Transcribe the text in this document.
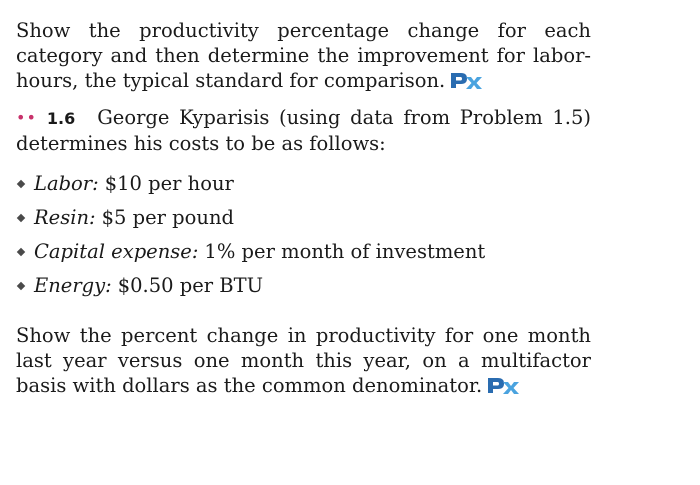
Show the productivity percentage change for each category and then determine the improvement for labor-hours, the typical standard for comparison.

•• 1.6 George Kyparisis (using data from Problem 1.5) determines his costs to be as follows:

Labor: $10 per hour
Resin: $5 per pound
Capital expense: 1% per month of investment
Energy: $0.50 per BTU

Show the percent change in productivity for one month last year versus one month this year, on a multifactor basis with dollars as the common denominator.
